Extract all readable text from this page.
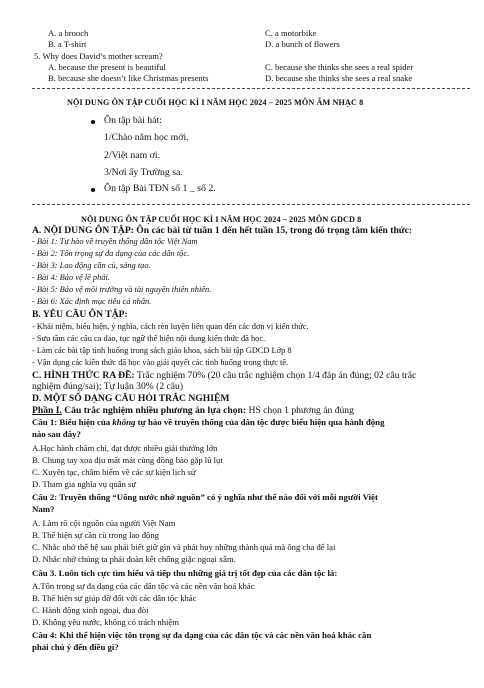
A. a brooch	C. a motorbike
B. a T-shirt	D. a bunch of flowers
5. Why does David’s mother scream?
A. because the present is beautiful	C. because she thinks she sees a real spider
B. because she doesn’t like Christmas presents	D. because she thinks she sees a real snake
NỘI DUNG ÔN TẬP CUỐI HỌC KÌ I NĂM HỌC 2024 – 2025 MÔN ÂM NHẠC 8
Ôn tập bài hát:
1/Chào năm học mới.
2/Việt nam ơi.
3/Nơi ấy Trường sa.
Ôn tập Bài TĐN số 1 _ số 2.
NỘI DUNG ÔN TẬP CUỐI HỌC KÌ I NĂM HỌC 2024 – 2025 MÔN GDCD 8
A. NỘI DUNG ÔN TẬP: Ôn các bài từ tuần 1 đến hết tuần 15, trong đó trọng tâm kiến thức:
- Bài 1: Tự hào về truyền thống dân tộc Việt Nam
- Bài 2: Tôn trọng sự đa dạng của các dân tộc.
- Bài 3: Lao động cần cù, sáng tạo.
- Bài 4: Bảo vệ lẽ phải.
- Bài 5: Bảo vệ môi trường và tài nguyên thiên nhiên.
- Bài 6: Xác định mục tiêu cá nhân.
B. YÊU CẦU ÔN TẬP:
- Khái niệm, biểu hiện, ý nghĩa, cách rèn luyện liên quan đến các đơn vị kiến thức.
- Sưu tầm các câu ca dao, tục ngữ thể hiện nội dung kiến thức đã học.
- Làm các bài tập tình huống trong sách giáo khoa, sách bài tập GDCD Lớp 8
- Vận dụng các kiến thức đã học vào giải quyết các tình huống trong thực tế.
C. HÌNH THỨC RA ĐỀ: Trắc nghiệm 70% (20 câu trắc nghiệm chọn 1/4 đáp án đúng; 02 câu trắc
nghiệm đúng/sai); Tự luận 30% (2 câu)
D. MỘT SỐ DẠNG CÂU HỎI TRẮC NGHIỆM
Phần I. Câu trắc nghiệm nhiều phương án lựa chọn: HS chọn 1 phương án đúng
Câu 1: Biểu hiện của không tự hào về truyền thống của dân tộc được biểu hiện qua hành động
nào sau đây?
A.Học hành chăm chỉ, đạt được nhiều giải thưởng lớn
B. Chung tay xoa dịu mất mát cùng đồng bào gặp lũ lụt
C. Xuyên tạc, châm biếm về các sự kiện lịch sử
D. Tham gia nghĩa vụ quân sự
Câu 2: Truyền thống “Uống nước nhớ nguồn” có ý nghĩa như thế nào đối với mỗi người Việt
Nam?
A. Làm rõ cội nguồn của người Việt Nam
B. Thể hiện sự cần cù trong lao động
C. Nhắc nhở thế hệ sau phải biết giữ gìn và phát huy những thành quả mà ông cha để lại
D. Nhắc nhở chúng ta phải đoàn kết chống giặc ngoại xâm.
Câu 3. Luôn tích cực tìm hiểu và tiếp thu những giá trị tốt đẹp của các dân tộc là:
A.Tôn trọng sự đa dạng của các dân tộc và các nền văn hoá khác
B. Thể hiện sự giúp đỡ đối với các dân tộc khác
C. Hành động xinh ngoại, đua đòi
D. Không yêu nước, không có trách nhiệm
Câu 4: Khi thể hiện việc tôn trọng sự đa dạng của các dân tộc và các nền văn hoá khác cần
phải chú ý đến điều gì?
